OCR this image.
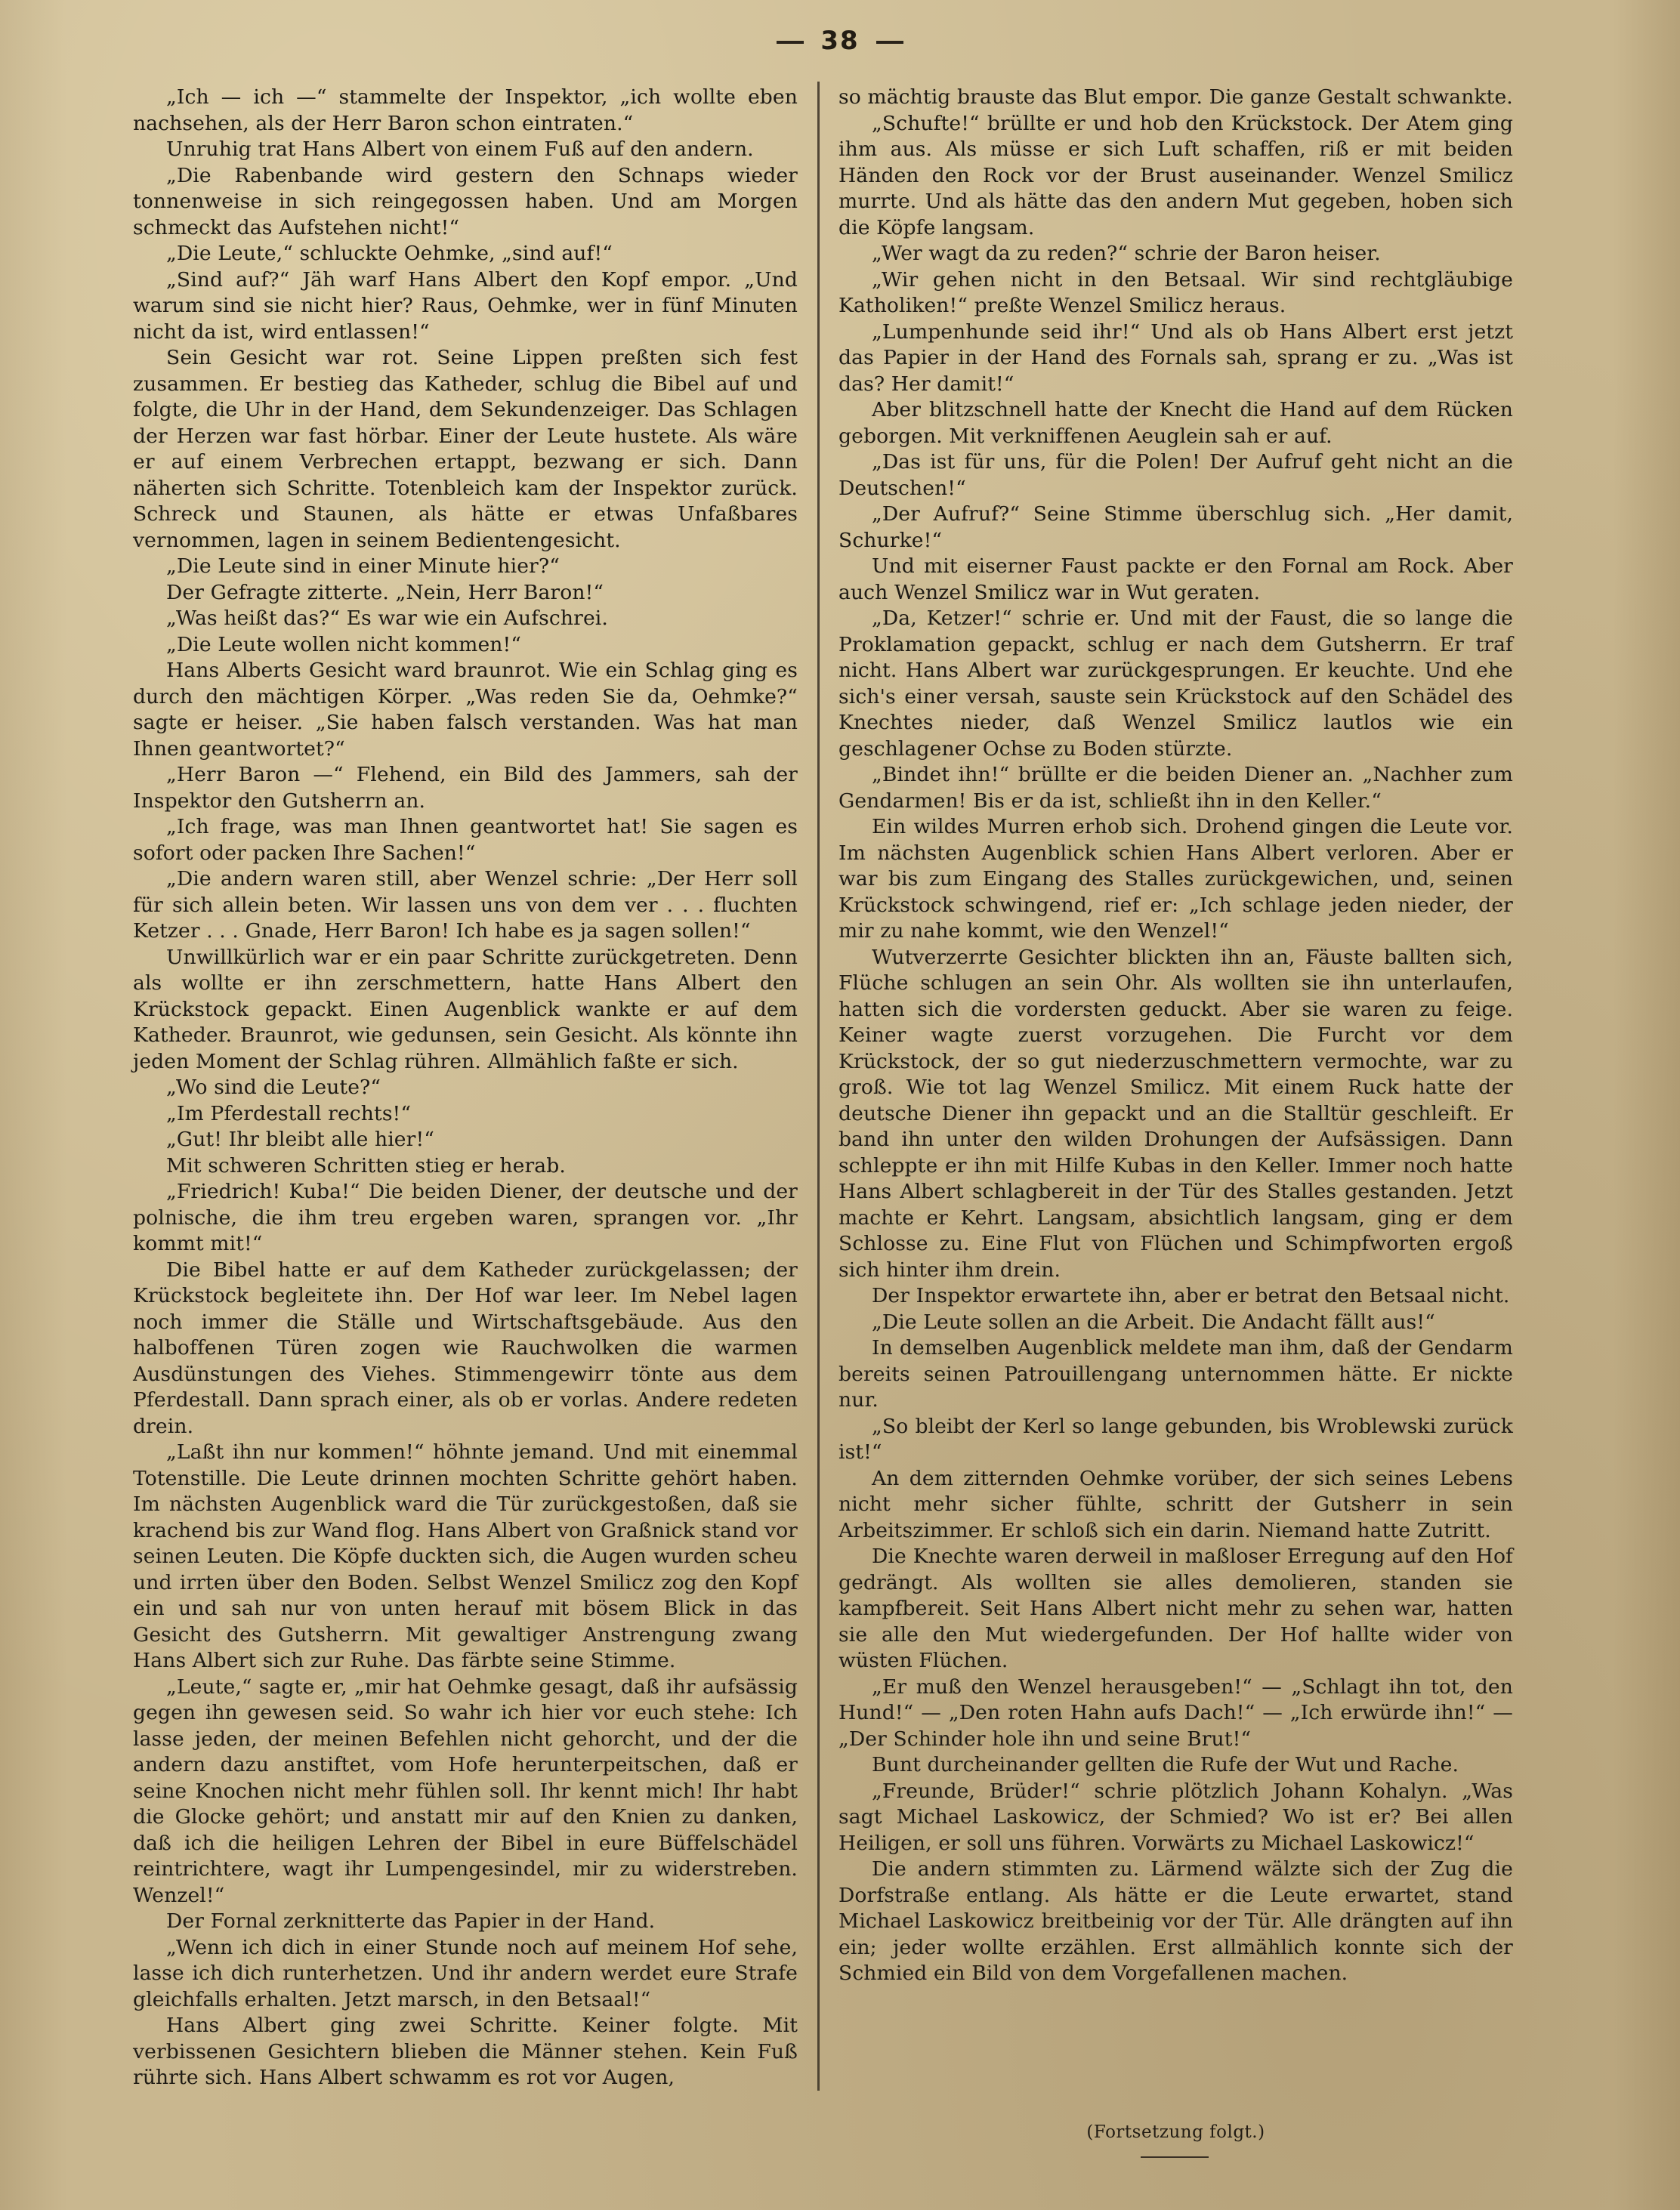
38

„Ich — ich —“ stammelte der Inspektor, „ich wollte eben nachsehen, als der Herr Baron schon eintraten.“

Unruhig trat Hans Albert von einem Fuß auf den andern.

„Die Rabenbande wird gestern den Schnaps wieder tonnenweise in sich reingegossen haben. Und am Morgen schmeckt das Aufstehen nicht!“

„Die Leute,“ schluckte Oehmke, „sind auf!“

„Sind auf?“ Jäh warf Hans Albert den Kopf empor. „Und warum sind sie nicht hier? Raus, Oehmke, wer in fünf Minuten nicht da ist, wird entlassen!“

Sein Gesicht war rot. Seine Lippen preßten sich fest zusammen. Er bestieg das Katheder, schlug die Bibel auf und folgte, die Uhr in der Hand, dem Sekundenzeiger. Das Schlagen der Herzen war fast hörbar. Einer der Leute hustete. Als wäre er auf einem Verbrechen ertappt, bezwang er sich. Dann näherten sich Schritte. Totenbleich kam der Inspektor zurück. Schreck und Staunen, als hätte er etwas Unfaßbares vernommen, lagen in seinem Bedientengesicht.

„Die Leute sind in einer Minute hier?“

Der Gefragte zitterte. „Nein, Herr Baron!“

„Was heißt das?“ Es war wie ein Aufschrei.

„Die Leute wollen nicht kommen!“

Hans Alberts Gesicht ward braunrot. Wie ein Schlag ging es durch den mächtigen Körper. „Was reden Sie da, Oehmke?“ sagte er heiser. „Sie haben falsch verstanden. Was hat man Ihnen geantwortet?“

„Herr Baron —“ Flehend, ein Bild des Jammers, sah der Inspektor den Gutsherrn an.

„Ich frage, was man Ihnen geantwortet hat! Sie sagen es sofort oder packen Ihre Sachen!“

„Die andern waren still, aber Wenzel schrie: „Der Herr soll für sich allein beten. Wir lassen uns von dem ver . . . fluchten Ketzer . . . Gnade, Herr Baron! Ich habe es ja sagen sollen!“

Unwillkürlich war er ein paar Schritte zurückgetreten. Denn als wollte er ihn zerschmettern, hatte Hans Albert den Krückstock gepackt. Einen Augenblick wankte er auf dem Katheder. Braunrot, wie gedunsen, sein Gesicht. Als könnte ihn jeden Moment der Schlag rühren. Allmählich faßte er sich.

„Wo sind die Leute?“

„Im Pferdestall rechts!“

„Gut! Ihr bleibt alle hier!“

Mit schweren Schritten stieg er herab.

„Friedrich! Kuba!“ Die beiden Diener, der deutsche und der polnische, die ihm treu ergeben waren, sprangen vor. „Ihr kommt mit!“

Die Bibel hatte er auf dem Katheder zurückgelassen; der Krückstock begleitete ihn. Der Hof war leer. Im Nebel lagen noch immer die Ställe und Wirtschaftsgebäude. Aus den halboffenen Türen zogen wie Rauchwolken die warmen Ausdünstungen des Viehes. Stimmengewirr tönte aus dem Pferdestall. Dann sprach einer, als ob er vorlas. Andere redeten drein.

„Laßt ihn nur kommen!“ höhnte jemand. Und mit einemmal Totenstille. Die Leute drinnen mochten Schritte gehört haben. Im nächsten Augenblick ward die Tür zurückgestoßen, daß sie krachend bis zur Wand flog. Hans Albert von Graßnick stand vor seinen Leuten. Die Köpfe duckten sich, die Augen wurden scheu und irrten über den Boden. Selbst Wenzel Smilicz zog den Kopf ein und sah nur von unten herauf mit bösem Blick in das Gesicht des Gutsherrn. Mit gewaltiger Anstrengung zwang Hans Albert sich zur Ruhe. Das färbte seine Stimme.

„Leute,“ sagte er, „mir hat Oehmke gesagt, daß ihr aufsässig gegen ihn gewesen seid. So wahr ich hier vor euch stehe: Ich lasse jeden, der meinen Befehlen nicht gehorcht, und der die andern dazu anstiftet, vom Hofe herunterpeitschen, daß er seine Knochen nicht mehr fühlen soll. Ihr kennt mich! Ihr habt die Glocke gehört; und anstatt mir auf den Knien zu danken, daß ich die heiligen Lehren der Bibel in eure Büffelschädel reintrichtere, wagt ihr Lumpengesindel, mir zu widerstreben. Wenzel!“

Der Fornal zerknitterte das Papier in der Hand.

„Wenn ich dich in einer Stunde noch auf meinem Hof sehe, lasse ich dich runterhetzen. Und ihr andern werdet eure Strafe gleichfalls erhalten. Jetzt marsch, in den Betsaal!“

Hans Albert ging zwei Schritte. Keiner folgte. Mit verbissenen Gesichtern blieben die Männer stehen. Kein Fuß rührte sich. Hans Albert schwamm es rot vor Augen,

so mächtig brauste das Blut empor. Die ganze Gestalt schwankte.

„Schufte!“ brüllte er und hob den Krückstock. Der Atem ging ihm aus. Als müsse er sich Luft schaffen, riß er mit beiden Händen den Rock vor der Brust auseinander. Wenzel Smilicz murrte. Und als hätte das den andern Mut gegeben, hoben sich die Köpfe langsam.

„Wer wagt da zu reden?“ schrie der Baron heiser.

„Wir gehen nicht in den Betsaal. Wir sind rechtgläubige Katholiken!“ preßte Wenzel Smilicz heraus.

„Lumpenhunde seid ihr!“ Und als ob Hans Albert erst jetzt das Papier in der Hand des Fornals sah, sprang er zu. „Was ist das? Her damit!“

Aber blitzschnell hatte der Knecht die Hand auf dem Rücken geborgen. Mit verkniffenen Aeuglein sah er auf.

„Das ist für uns, für die Polen! Der Aufruf geht nicht an die Deutschen!“

„Der Aufruf?“ Seine Stimme überschlug sich. „Her damit, Schurke!“

Und mit eiserner Faust packte er den Fornal am Rock. Aber auch Wenzel Smilicz war in Wut geraten.

„Da, Ketzer!“ schrie er. Und mit der Faust, die so lange die Proklamation gepackt, schlug er nach dem Gutsherrn. Er traf nicht. Hans Albert war zurückgesprungen. Er keuchte. Und ehe sich's einer versah, sauste sein Krückstock auf den Schädel des Knechtes nieder, daß Wenzel Smilicz lautlos wie ein geschlagener Ochse zu Boden stürzte.

„Bindet ihn!“ brüllte er die beiden Diener an. „Nachher zum Gendarmen! Bis er da ist, schließt ihn in den Keller.“

Ein wildes Murren erhob sich. Drohend gingen die Leute vor. Im nächsten Augenblick schien Hans Albert verloren. Aber er war bis zum Eingang des Stalles zurückgewichen, und, seinen Krückstock schwingend, rief er: „Ich schlage jeden nieder, der mir zu nahe kommt, wie den Wenzel!“

Wutverzerrte Gesichter blickten ihn an, Fäuste ballten sich, Flüche schlugen an sein Ohr. Als wollten sie ihn unterlaufen, hatten sich die vordersten geduckt. Aber sie waren zu feige. Keiner wagte zuerst vorzugehen. Die Furcht vor dem Krückstock, der so gut niederzuschmettern vermochte, war zu groß. Wie tot lag Wenzel Smilicz. Mit einem Ruck hatte der deutsche Diener ihn gepackt und an die Stalltür geschleift. Er band ihn unter den wilden Drohungen der Aufsässigen. Dann schleppte er ihn mit Hilfe Kubas in den Keller. Immer noch hatte Hans Albert schlagbereit in der Tür des Stalles gestanden. Jetzt machte er Kehrt. Langsam, absichtlich langsam, ging er dem Schlosse zu. Eine Flut von Flüchen und Schimpfworten ergoß sich hinter ihm drein.

Der Inspektor erwartete ihn, aber er betrat den Betsaal nicht.

„Die Leute sollen an die Arbeit. Die Andacht fällt aus!“

In demselben Augenblick meldete man ihm, daß der Gendarm bereits seinen Patrouillengang unternommen hätte. Er nickte nur.

„So bleibt der Kerl so lange gebunden, bis Wroblewski zurück ist!“

An dem zitternden Oehmke vorüber, der sich seines Lebens nicht mehr sicher fühlte, schritt der Gutsherr in sein Arbeitszimmer. Er schloß sich ein darin. Niemand hatte Zutritt.

Die Knechte waren derweil in maßloser Erregung auf den Hof gedrängt. Als wollten sie alles demolieren, standen sie kampfbereit. Seit Hans Albert nicht mehr zu sehen war, hatten sie alle den Mut wiedergefunden. Der Hof hallte wider von wüsten Flüchen.

„Er muß den Wenzel herausgeben!“ — „Schlagt ihn tot, den Hund!“ — „Den roten Hahn aufs Dach!“ — „Ich erwürde ihn!“ — „Der Schinder hole ihn und seine Brut!“

Bunt durcheinander gellten die Rufe der Wut und Rache.

„Freunde, Brüder!“ schrie plötzlich Johann Kohalyn. „Was sagt Michael Laskowicz, der Schmied? Wo ist er? Bei allen Heiligen, er soll uns führen. Vorwärts zu Michael Laskowicz!“

Die andern stimmten zu. Lärmend wälzte sich der Zug die Dorfstraße entlang. Als hätte er die Leute erwartet, stand Michael Laskowicz breitbeinig vor der Tür. Alle drängten auf ihn ein; jeder wollte erzählen. Erst allmählich konnte sich der Schmied ein Bild von dem Vorgefallenen machen.

(Fortsetzung folgt.)
